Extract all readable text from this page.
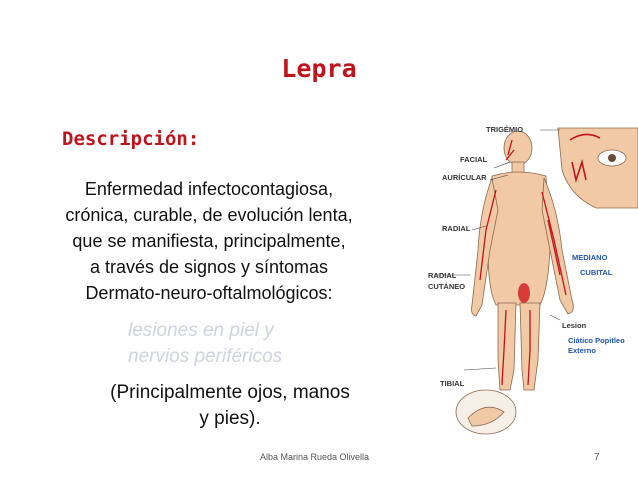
Lepra
Descripción:
Enfermedad infectocontagiosa,
crónica, curable, de evolución lenta,
que se manifiesta, principalmente,
a través de signos y síntomas
Dermato-neuro-oftalmológicos:
lesiones en piel y
nervios periféricos
(Principalmente ojos, manos
y pies).
TRIGÉMIO
FACIAL
AURÍCULAR
RADIAL
MEDIANO
CUBITAL
RADIAL
CUTÁNEO
Lesion
Ciático Popitleo
Externo
TIBIAL
Alba Marina Rueda Olivella	7
